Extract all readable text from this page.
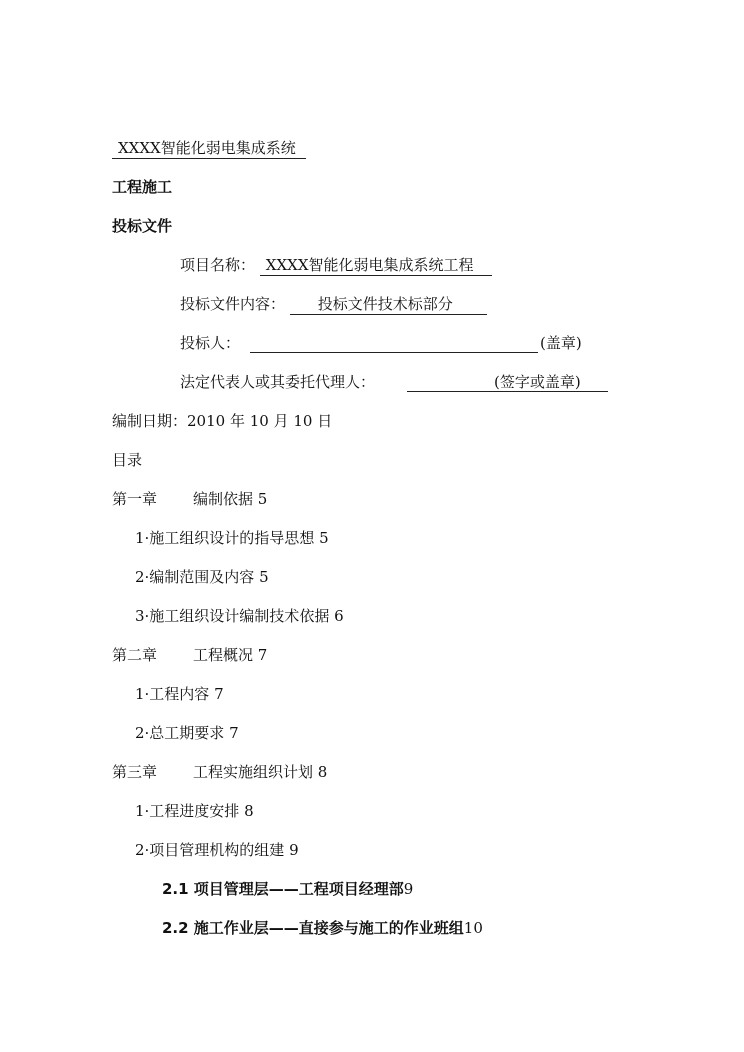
XXXX智能化弱电集成系统
工程施工
投标文件
项目名称： XXXX智能化弱电集成系统工程
投标文件内容： 投标文件技术标部分
投标人：	(盖章)
法定代表人或其委托代理人：	(签字或盖章)
编制日期：2010 年 10 月 10 日
目录
第一章 编制依据 5
1·施工组织设计的指导思想 5
2·编制范围及内容 5
3·施工组织设计编制技术依据 6
第二章 工程概况 7
1·工程内容 7
2·总工期要求 7
第三章 工程实施组织计划 8
1·工程进度安排 8
2·项目管理机构的组建 9
2.1 项目管理层——工程项目经理部9
2.2 施工作业层——直接参与施工的作业班组10
